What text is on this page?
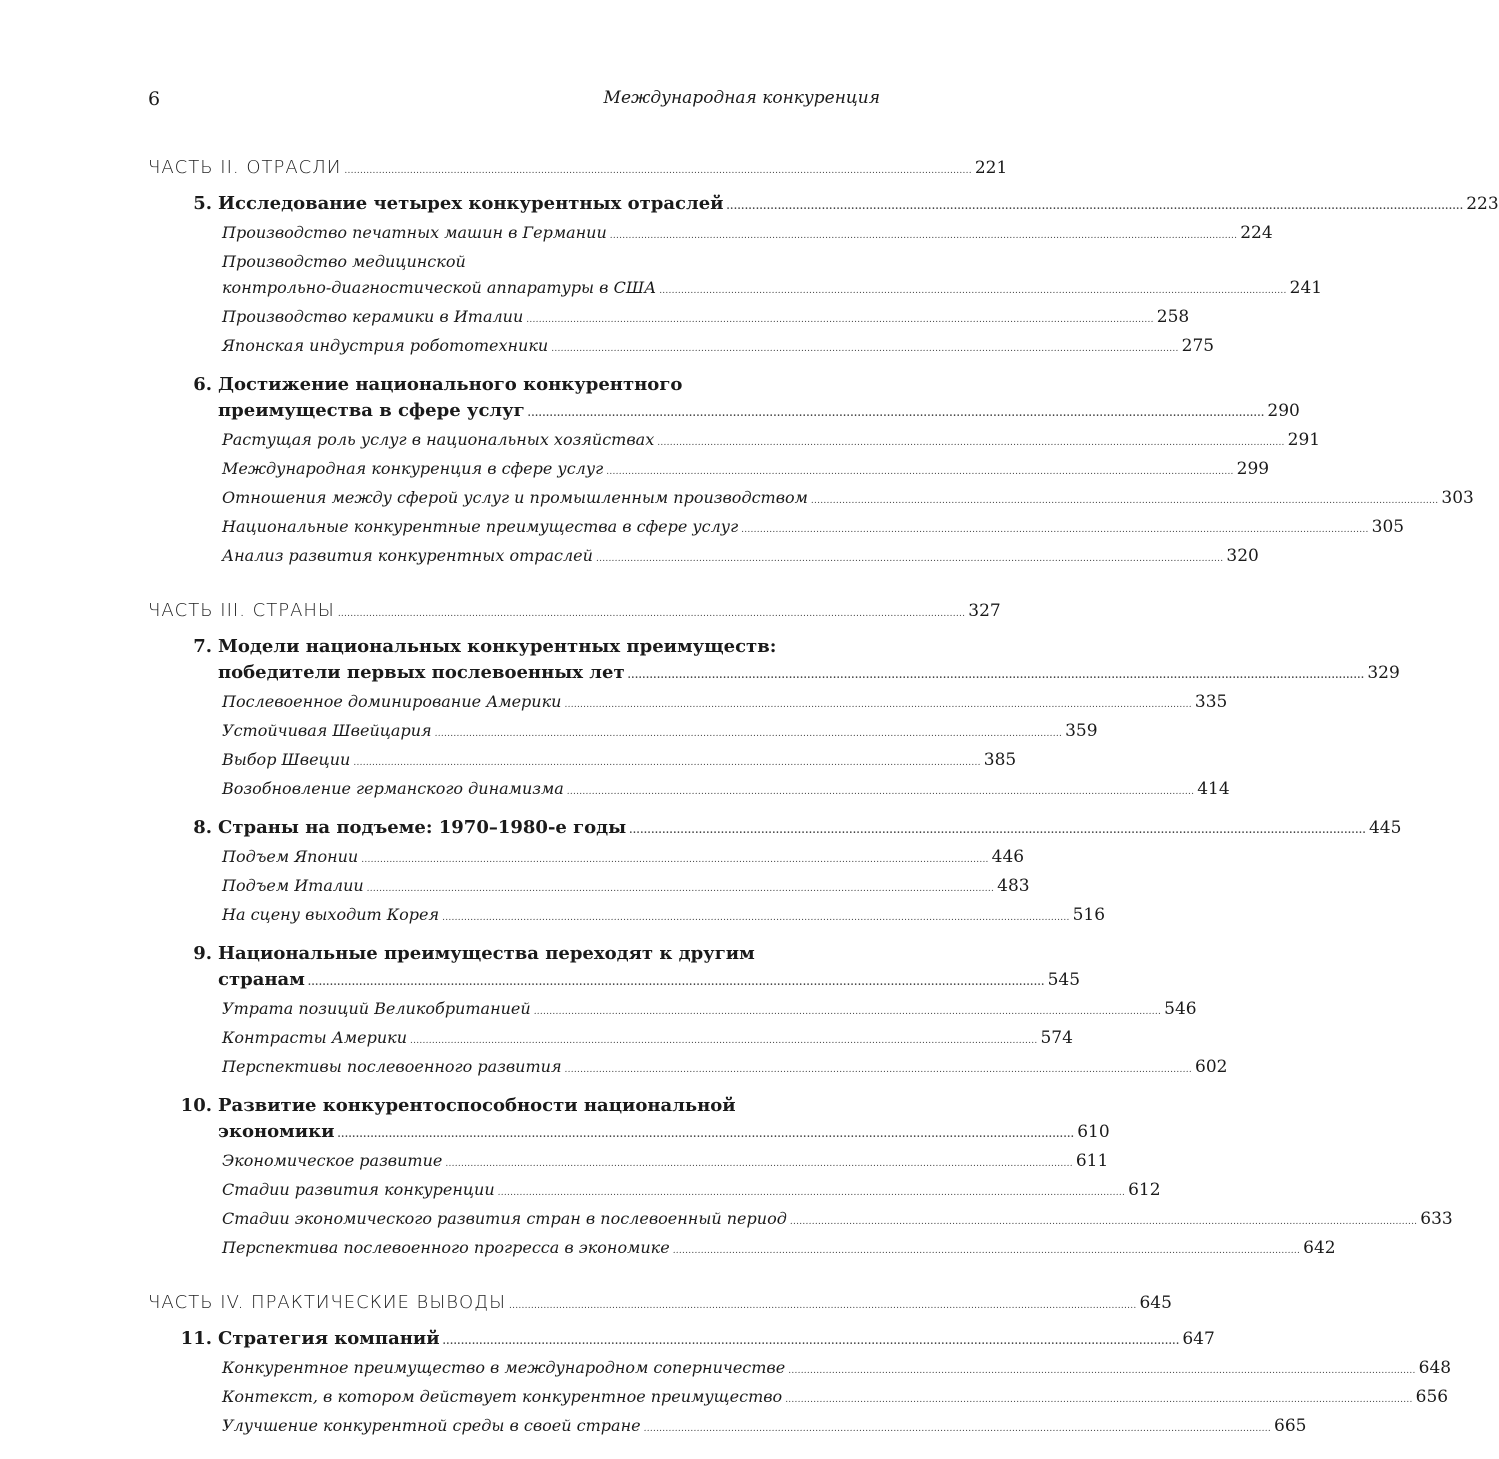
6	Международная конкуренция
ЧАСТЬ II. ОТРАСЛИ . . .	221
5. Исследование четырех конкурентных отраслей . . .	223
Производство печатных машин в Германии . . .	224
Производство медицинской
контрольно-диагностической аппаратуры в США . . .	241
Производство керамики в Италии . . .	258
Японская индустрия робототехники . . .	275
6. Достижение национального конкурентного
преимущества в сфере услуг . . .	290
Растущая роль услуг в национальных хозяйствах . . .	291
Международная конкуренция в сфере услуг . . .	299
Отношения между сферой услуг и промышленным производством . . .	303
Национальные конкурентные преимущества в сфере услуг . . .	305
Анализ развития конкурентных отраслей . . .	320
ЧАСТЬ III. СТРАНЫ . . .	327
7. Модели национальных конкурентных преимуществ:
победители первых послевоенных лет . . .	329
Послевоенное доминирование Америки . . .	335
Устойчивая Швейцария . . .	359
Выбор Швеции . . .	385
Возобновление германского динамизма . . .	414
8. Страны на подъеме: 1970–1980-е годы . . .	445
Подъем Японии . . .	446
Подъем Италии . . .	483
На сцену выходит Корея . . .	516
9. Национальные преимущества переходят к другим
странам . . .	545
Утрата позиций Великобританией . . .	546
Контрасты Америки . . .	574
Перспективы послевоенного развития . . .	602
10. Развитие конкурентоспособности национальной
экономики . . .	610
Экономическое развитие . . .	611
Стадии развития конкуренции . . .	612
Стадии экономического развития стран в послевоенный период . . .	633
Перспектива послевоенного прогресса в экономике . . .	642
ЧАСТЬ IV. ПРАКТИЧЕСКИЕ ВЫВОДЫ . . .	645
11. Стратегия компаний . . .	647
Конкурентное преимущество в международном соперничестве . . .	648
Контекст, в котором действует конкурентное преимущество . . .	656
Улучшение конкурентной среды в своей стране . . .	665
